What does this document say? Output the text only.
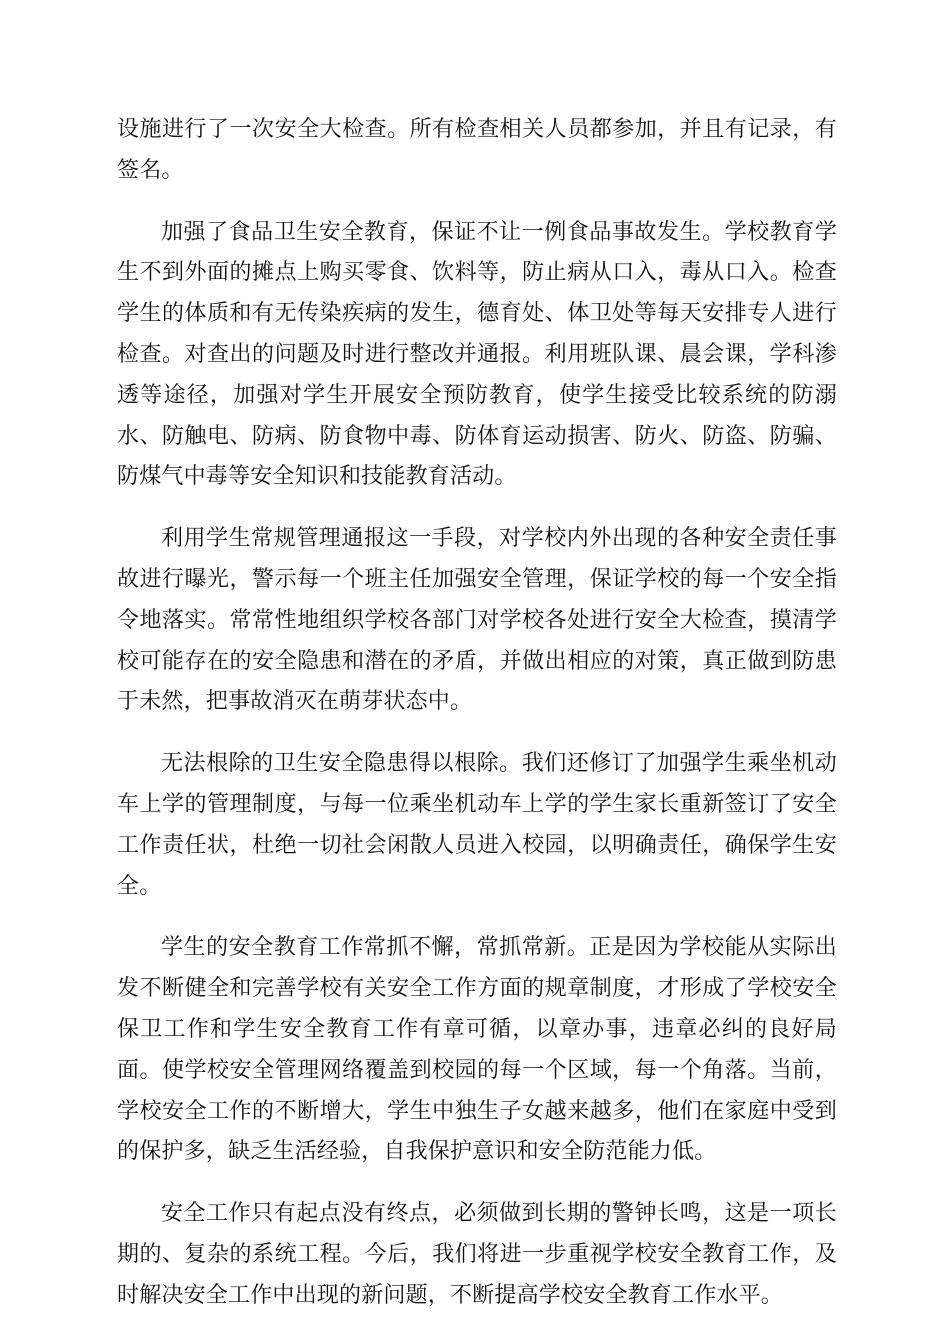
设施进行了一次安全大检查。所有检查相关人员都参加，并且有记录，有签名。

加强了食品卫生安全教育，保证不让一例食品事故发生。学校教育学生不到外面的摊点上购买零食、饮料等，防止病从口入，毒从口入。检查学生的体质和有无传染疾病的发生，德育处、体卫处等每天安排专人进行检查。对查出的问题及时进行整改并通报。利用班队课、晨会课，学科渗透等途径，加强对学生开展安全预防教育，使学生接受比较系统的防溺水、防触电、防病、防食物中毒、防体育运动损害、防火、防盗、防骗、防煤气中毒等安全知识和技能教育活动。

利用学生常规管理通报这一手段，对学校内外出现的各种安全责任事故进行曝光，警示每一个班主任加强安全管理，保证学校的每一个安全指令地落实。常常性地组织学校各部门对学校各处进行安全大检查，摸清学校可能存在的安全隐患和潜在的矛盾，并做出相应的对策，真正做到防患于未然，把事故消灭在萌芽状态中。

无法根除的卫生安全隐患得以根除。我们还修订了加强学生乘坐机动车上学的管理制度，与每一位乘坐机动车上学的学生家长重新签订了安全工作责任状，杜绝一切社会闲散人员进入校园，以明确责任，确保学生安全。

学生的安全教育工作常抓不懈，常抓常新。正是因为学校能从实际出发不断健全和完善学校有关安全工作方面的规章制度，才形成了学校安全保卫工作和学生安全教育工作有章可循，以章办事，违章必纠的良好局面。使学校安全管理网络覆盖到校园的每一个区域，每一个角落。当前，学校安全工作的不断增大，学生中独生子女越来越多，他们在家庭中受到的保护多，缺乏生活经验，自我保护意识和安全防范能力低。

安全工作只有起点没有终点，必须做到长期的警钟长鸣，这是一项长期的、复杂的系统工程。今后，我们将进一步重视学校安全教育工作，及时解决安全工作中出现的新问题，不断提高学校安全教育工作水平。
